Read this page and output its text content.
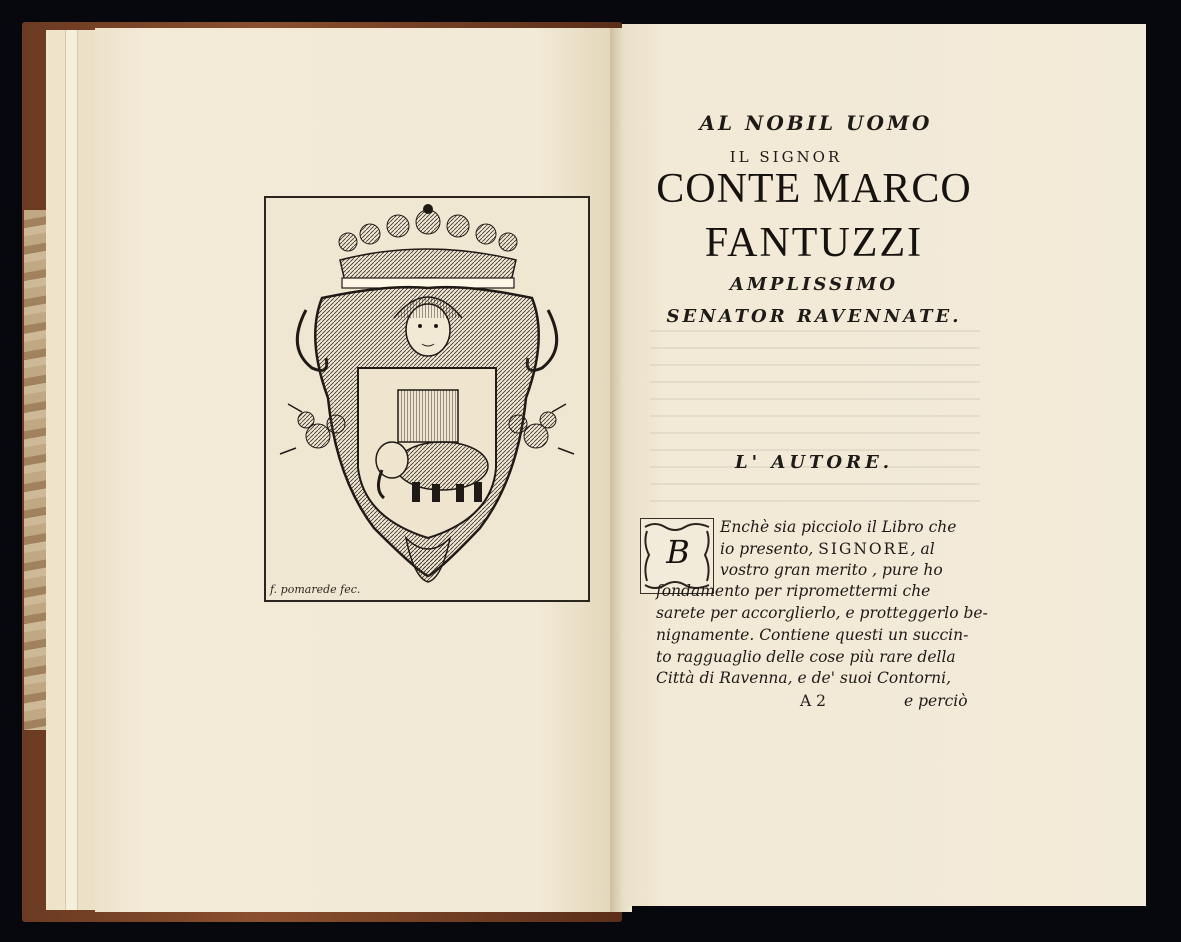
f. pomarede fec.
AL NOBIL UOMO
IL SIGNOR
CONTE MARCO
FANTUZZI
AMPLISSIMO
SENATOR RAVENNATE.
L' AUTORE.
B
Enchè sia picciolo il Libro che
io presento, SIGNORE, al
vostro gran merito , pure ho
fondamento per ripromettermi che
sarete per accorglierlo, e protteggerlo be-
nignamente. Contiene questi un succin-
to ragguaglio delle cose più rare della
Città di Ravenna, e de' suoi Contorni,
A 2	e perciò
